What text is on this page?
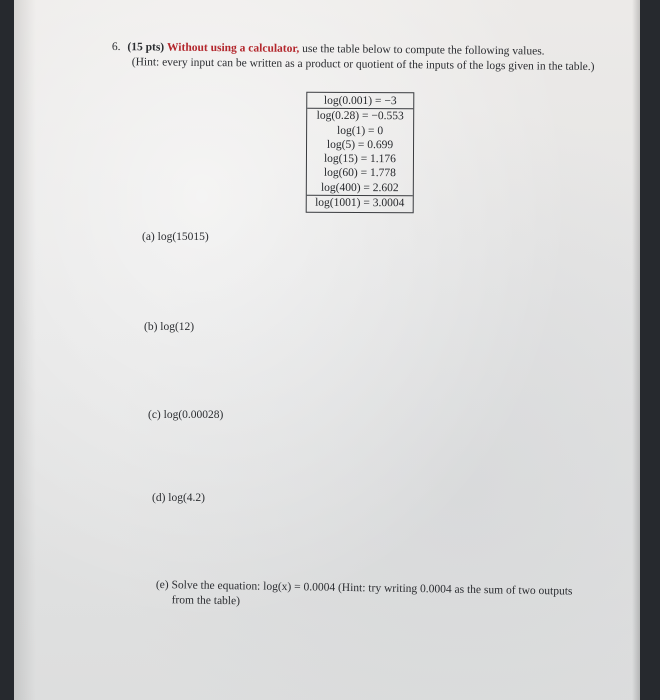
6. (15 pts) Without using a calculator, use the table below to compute the following values.
(Hint: every input can be written as a product or quotient of the inputs of the logs given in the table.)
log(0.001) = −3
log(0.28) = −0.553
log(1) = 0
log(5) = 0.699
log(15) = 1.176
log(60) = 1.778
log(400) = 2.602
log(1001) = 3.0004
(a) log(15015)
(b) log(12)
(c) log(0.00028)
(d) log(4.2)
(e) Solve the equation: log(x) = 0.0004 (Hint: try writing 0.0004 as the sum of two outputs
from the table)
